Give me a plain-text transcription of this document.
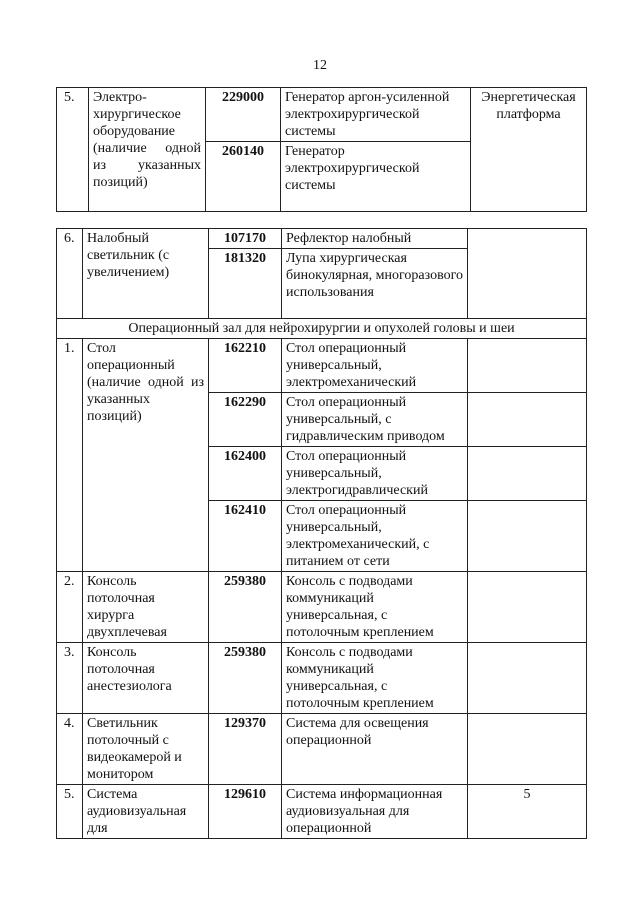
12
5.	Электро-хирургическое оборудование (наличие одной из указанных позиций)	229000	Генератор аргон-усиленной электрохирургической системы	Энергетическая платформа
		260140	Генератор электрохирургической системы	
6.	Налобный светильник (с увеличением)	107170	Рефлектор налобный	
		181320	Лупа хирургическая бинокулярная, многоразового использования	
Операционный зал для нейрохирургии и опухолей головы и шеи				
1.	Стол операционный (наличие одной из указанных позиций)	162210	Стол операционный универсальный, электромеханический	
		162290	Стол операционный универсальный, с гидравлическим приводом	
		162400	Стол операционный универсальный, электрогидравлический	
		162410	Стол операционный универсальный, электромеханический, с питанием от сети	
2.	Консоль потолочная хирурга двухплечевая	259380	Консоль с подводами коммуникаций универсальная, с потолочным креплением	
3.	Консоль потолочная анестезиолога	259380	Консоль с подводами коммуникаций универсальная, с потолочным креплением	
4.	Светильник потолочный с видеокамерой и монитором	129370	Система для освещения операционной	
5.	Система аудиовизуальная для	129610	Система информационная аудиовизуальная для операционной	5
